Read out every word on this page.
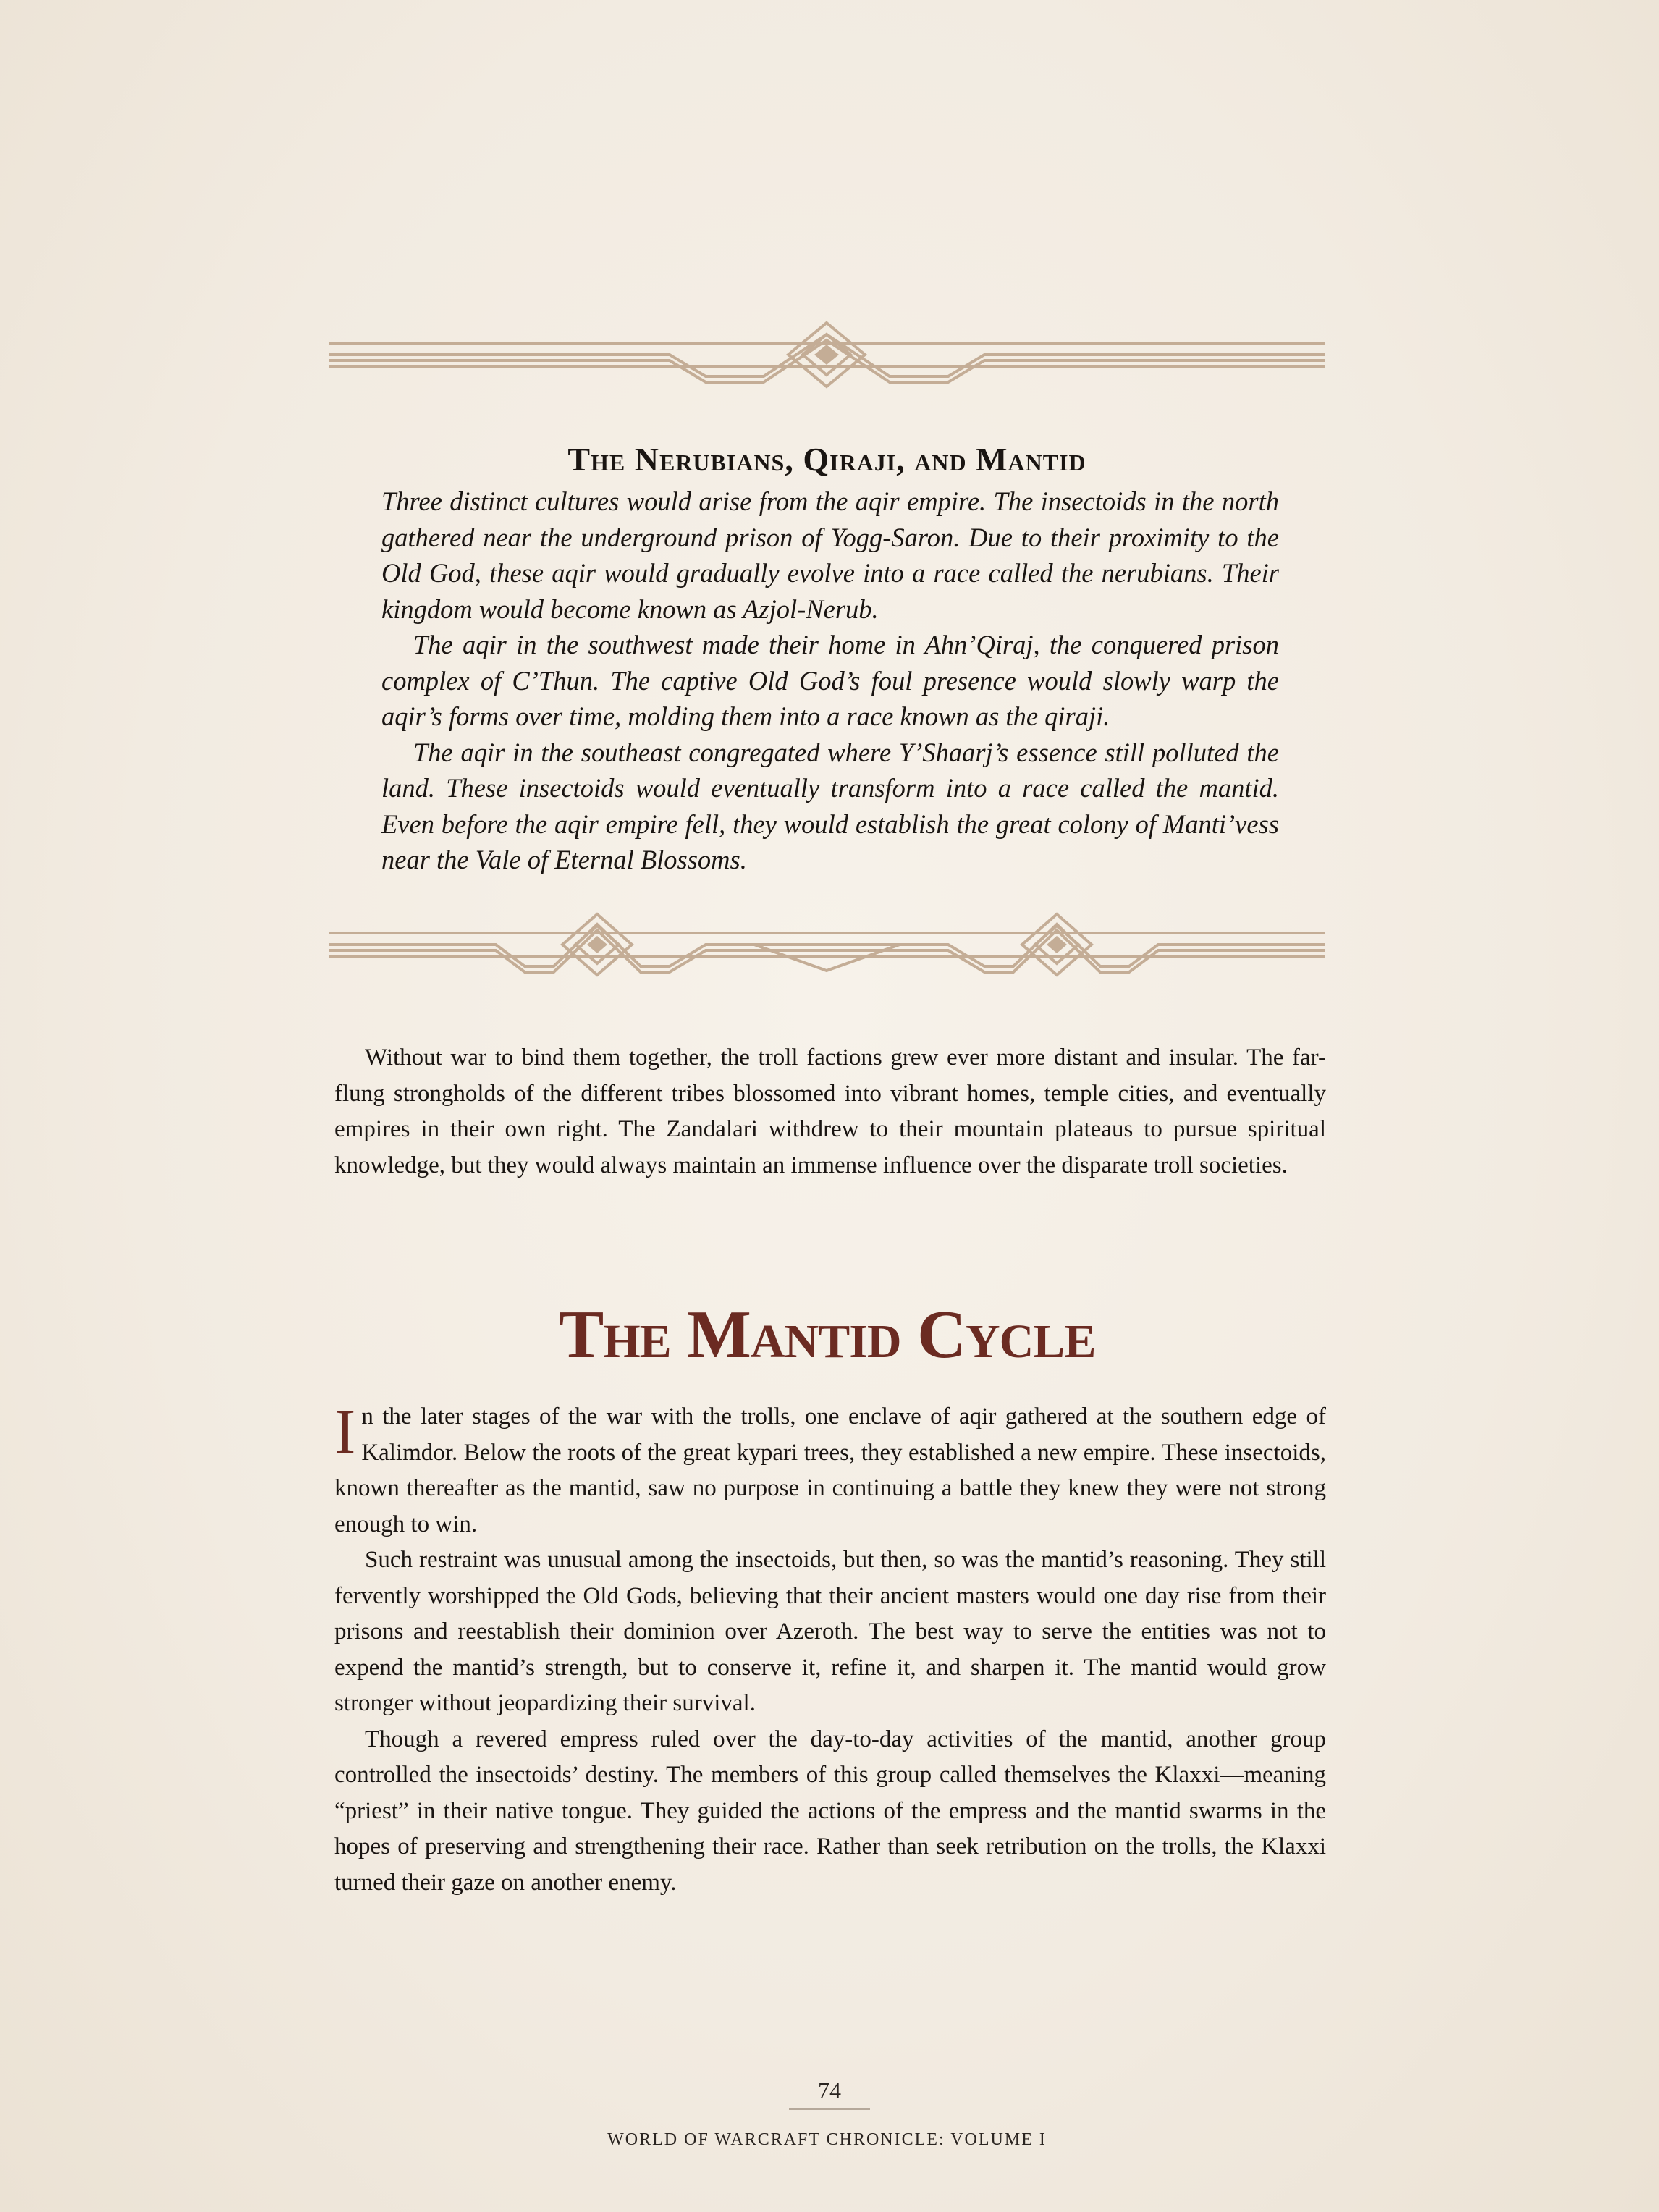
The Nerubians, Qiraji, and Mantid

Three distinct cultures would arise from the aqir empire. The insectoids in the north gathered near the underground prison of Yogg-Saron. Due to their proximity to the Old God, these aqir would gradually evolve into a race called the nerubians. Their kingdom would become known as Azjol-Nerub.

The aqir in the southwest made their home in Ahn’Qiraj, the conquered prison complex of C’Thun. The captive Old God’s foul presence would slowly warp the aqir’s forms over time, molding them into a race known as the qiraji.

The aqir in the southeast congregated where Y’Shaarj’s essence still polluted the land. These insectoids would eventually transform into a race called the mantid. Even before the aqir empire fell, they would establish the great colony of Manti’vess near the Vale of Eternal Blossoms.

Without war to bind them together, the troll factions grew ever more distant and insular. The far-flung strongholds of the different tribes blossomed into vibrant homes, temple cities, and eventually empires in their own right. The Zandalari withdrew to their mountain plateaus to pursue spiritual knowledge, but they would always maintain an immense influence over the disparate troll societies.

The Mantid Cycle

In the later stages of the war with the trolls, one enclave of aqir gathered at the southern edge of Kalimdor. Below the roots of the great kypari trees, they established a new empire. These insectoids, known thereafter as the mantid, saw no purpose in continuing a battle they knew they were not strong enough to win.

Such restraint was unusual among the insectoids, but then, so was the mantid’s reasoning. They still fervently worshipped the Old Gods, believing that their ancient masters would one day rise from their prisons and reestablish their dominion over Azeroth. The best way to serve the entities was not to expend the mantid’s strength, but to conserve it, refine it, and sharpen it. The mantid would grow stronger without jeopardizing their survival.

Though a revered empress ruled over the day-to-day activities of the mantid, another group controlled the insectoids’ destiny. The members of this group called themselves the Klaxxi—meaning “priest” in their native tongue. They guided the actions of the empress and the mantid swarms in the hopes of preserving and strengthening their race. Rather than seek retribution on the trolls, the Klaxxi turned their gaze on another enemy.

74
WORLD OF WARCRAFT CHRONICLE: VOLUME I
